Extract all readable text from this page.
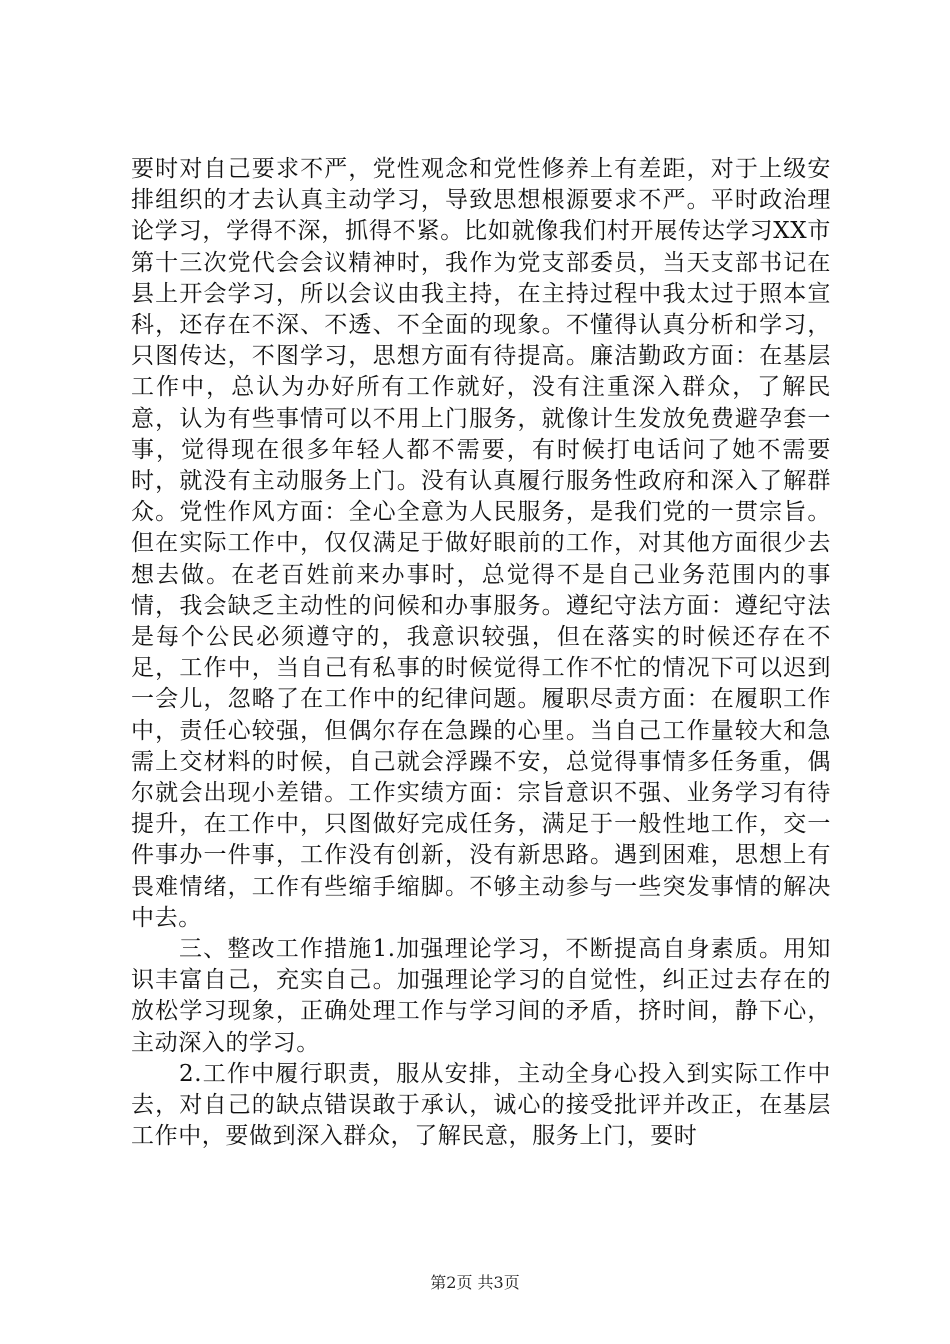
要时对自己要求不严，党性观念和党性修养上有差距，对于上级安排组织的才去认真主动学习，导致思想根源要求不严。平时政治理论学习，学得不深，抓得不紧。比如就像我们村开展传达学习XX市第十三次党代会会议精神时，我作为党支部委员，当天支部书记在县上开会学习，所以会议由我主持，在主持过程中我太过于照本宣科，还存在不深、不透、不全面的现象。不懂得认真分析和学习，只图传达，不图学习，思想方面有待提高。廉洁勤政方面：在基层工作中，总认为办好所有工作就好，没有注重深入群众，了解民意，认为有些事情可以不用上门服务，就像计生发放免费避孕套一事，觉得现在很多年轻人都不需要，有时候打电话问了她不需要时，就没有主动服务上门。没有认真履行服务性政府和深入了解群众。党性作风方面：全心全意为人民服务，是我们党的一贯宗旨。但在实际工作中，仅仅满足于做好眼前的工作，对其他方面很少去想去做。在老百姓前来办事时，总觉得不是自己业务范围内的事情，我会缺乏主动性的问候和办事服务。遵纪守法方面：遵纪守法是每个公民必须遵守的，我意识较强，但在落实的时候还存在不足，工作中，当自己有私事的时候觉得工作不忙的情况下可以迟到一会儿，忽略了在工作中的纪律问题。履职尽责方面：在履职工作中，责任心较强，但偶尔存在急躁的心里。当自己工作量较大和急需上交材料的时候，自己就会浮躁不安，总觉得事情多任务重，偶尔就会出现小差错。工作实绩方面：宗旨意识不强、业务学习有待提升，在工作中，只图做好完成任务，满足于一般性地工作，交一件事办一件事，工作没有创新，没有新思路。遇到困难，思想上有畏难情绪，工作有些缩手缩脚。不够主动参与一些突发事情的解决中去。

三、整改工作措施1.加强理论学习，不断提高自身素质。用知识丰富自己，充实自己。加强理论学习的自觉性，纠正过去存在的放松学习现象，正确处理工作与学习间的矛盾，挤时间，静下心，主动深入的学习。

2.工作中履行职责，服从安排，主动全身心投入到实际工作中去，对自己的缺点错误敢于承认，诚心的接受批评并改正，在基层工作中，要做到深入群众，了解民意，服务上门，要时

第2页 共3页
